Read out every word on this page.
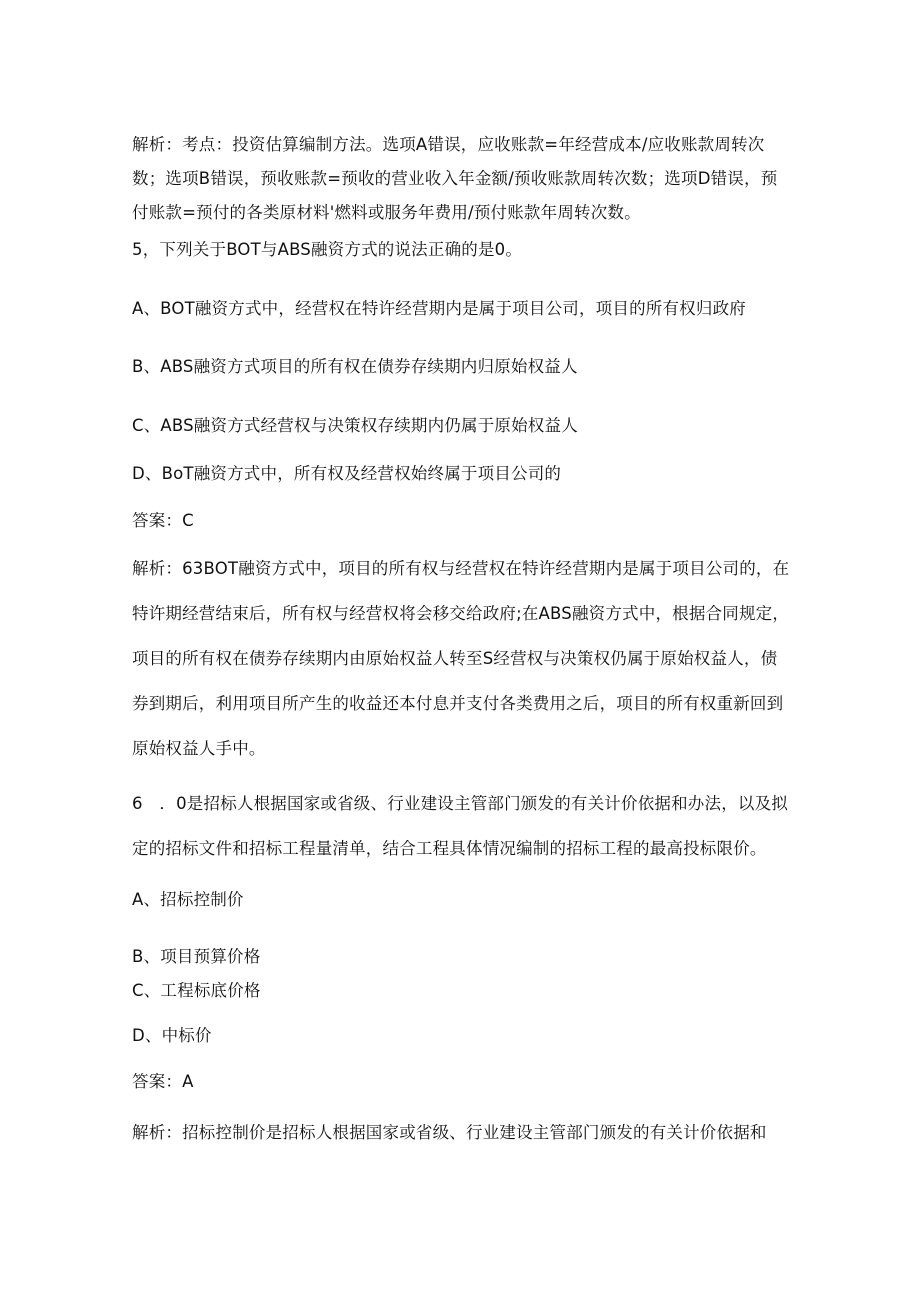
解析：考点：投资估算编制方法。选项A错误，应收账款=年经营成本/应收账款周转次
数；选项B错误，预收账款=预收的营业收入年金额/预收账款周转次数；选项D错误，预
付账款=预付的各类原材料'燃料或服务年费用/预付账款年周转次数。
5，下列关于BOT与ABS融资方式的说法正确的是0。
A、BOT融资方式中，经营权在特许经营期内是属于项目公司，项目的所有权归政府
B、ABS融资方式项目的所有权在债券存续期内归原始权益人
C、ABS融资方式经营权与决策权存续期内仍属于原始权益人
D、BoT融资方式中，所有权及经营权始终属于项目公司的
答案：C
解析：63BOT融资方式中，项目的所有权与经营权在特许经营期内是属于项目公司的，在
特许期经营结束后，所有权与经营权将会移交给政府;在ABS融资方式中，根据合同规定，
项目的所有权在债券存续期内由原始权益人转至S经营权与决策权仍属于原始权益人，债
券到期后，利用项目所产生的收益还本付息并支付各类费用之后，项目的所有权重新回到
原始权益人手中。
6　．0是招标人根据国家或省级、行业建设主管部门颁发的有关计价依据和办法，以及拟
定的招标文件和招标工程量清单，结合工程具体情况编制的招标工程的最高投标限价。
A、招标控制价
B、项目预算价格
C、工程标底价格
D、中标价
答案：A
解析：招标控制价是招标人根据国家或省级、行业建设主管部门颁发的有关计价依据和
